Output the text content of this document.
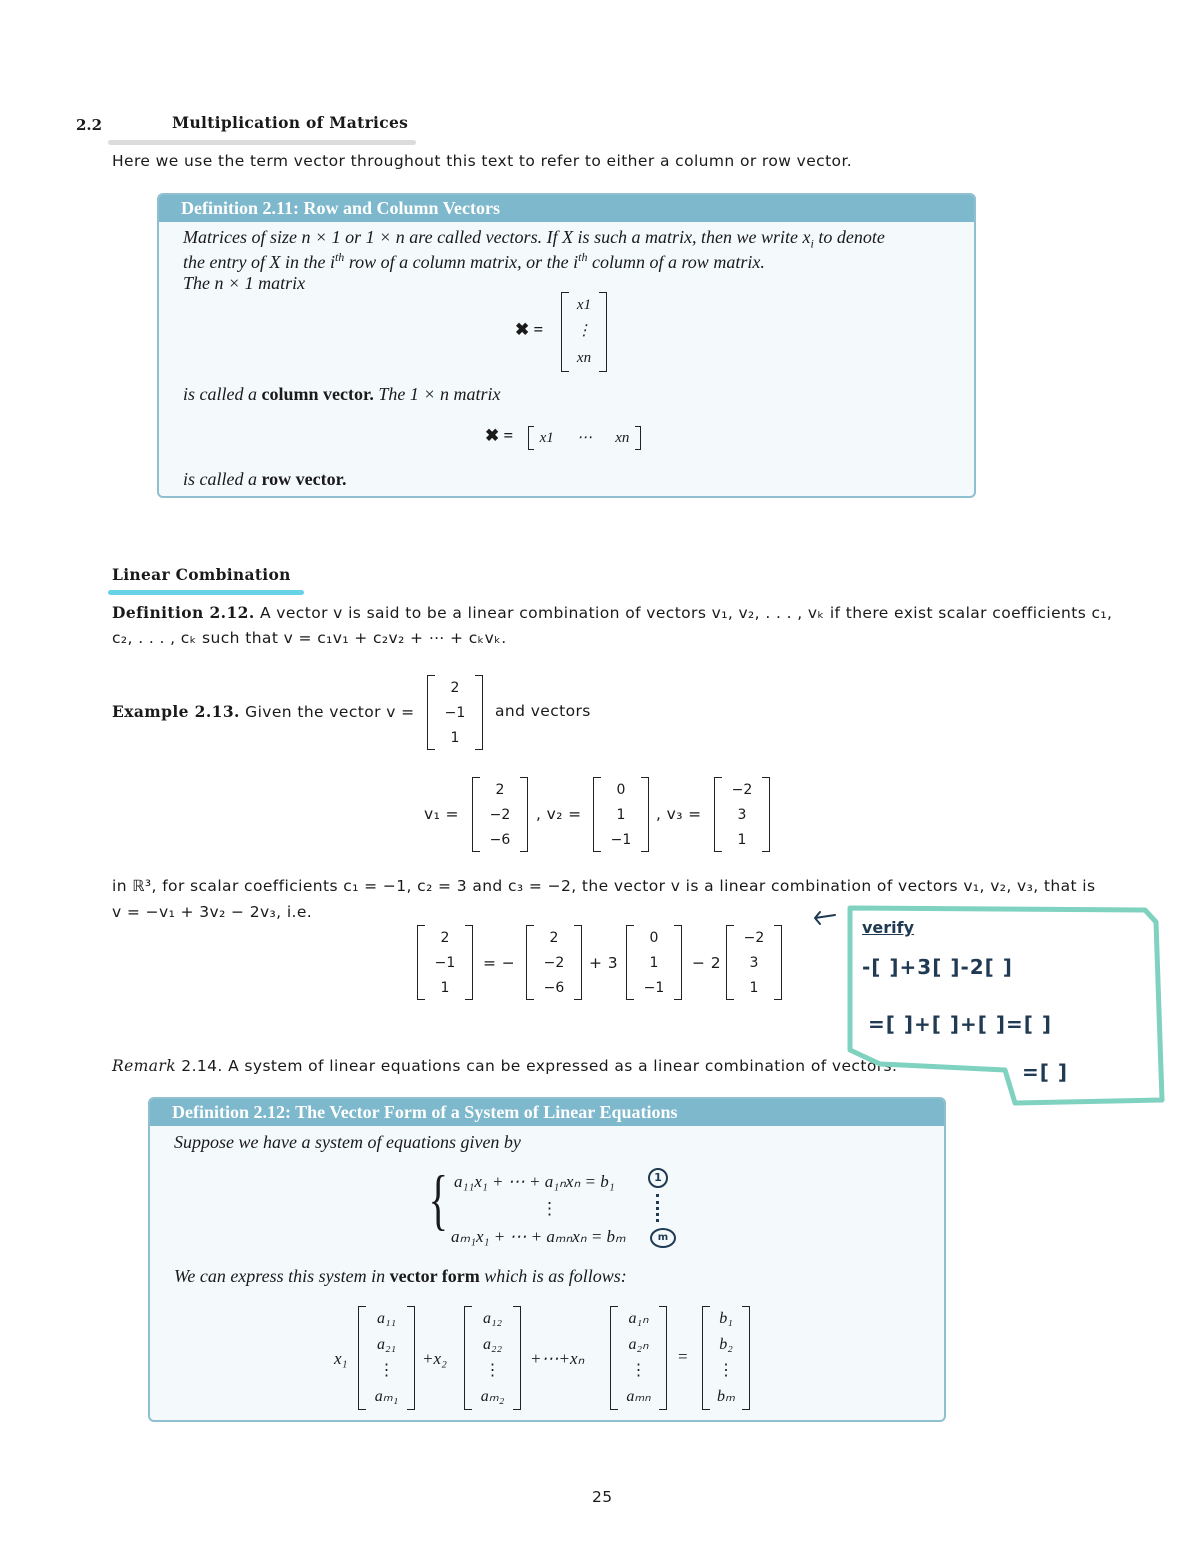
2.2	Multiplication of Matrices
Here we use the term vector throughout this text to refer to either a column or row vector.
Definition 2.11: Row and Column Vectors
Matrices of size n × 1 or 1 × n are called vectors. If X is such a matrix, then we write $x_i$ to denote
the entry of X in the $i^{th}$ row of a column matrix, or the $i^{th}$ column of a row matrix.
The n × 1 matrix
✖ =
x1
⋮
xn
is called a column vector. The 1 × n matrix
✖ = x1 ⋯ xn
is called a row vector.
Linear Combination
Definition 2.12. A vector v is said to be a linear combination of vectors v₁, v₂, . . . , vₖ if there exist scalar coefficients c₁,
c₂, . . . , cₖ such that v = c₁v₁ + c₂v₂ + ⋯ + cₖvₖ.
Example 2.13. Given the vector v =
2
−1
1
and vectors
v₁ =
2
−2
−6
, v₂ =
0
1
−1
, v₃ =
−2
3
1
in ℝ³, for scalar coefficients c₁ = −1, c₂ = 3 and c₃ = −2, the vector v is a linear combination of vectors v₁, v₂, v₃, that is
v = −v₁ + 3v₂ − 2v₃, i.e.
2
−1
1
= −
2
−2
−6
+ 3
0
1
−1
− 2
−2
3
1
Remark 2.14. A system of linear equations can be expressed as a linear combination of vectors.
Definition 2.12: The Vector Form of a System of Linear Equations
Suppose we have a system of equations given by
{ a₁₁x₁ + ⋯ + a₁ₙxₙ = b₁
⋮
aₘ₁x₁ + ⋯ + aₘₙxₙ = bₘ
We can express this system in vector form which is as follows:
x₁
a₁₁
a₂₁
⋮
aₘ₁
+x₂
a₁₂
a₂₂
⋮
aₘ₂
+⋯+xₙ
a₁ₙ
a₂ₙ
⋮
aₘₙ
=
b₁
b₂
⋮
bₘ
verify
-[ ]+3[ ]-2[ ]
=[ ]+[ ]+[ ]=[ ]
=[ ]
1
m
25
